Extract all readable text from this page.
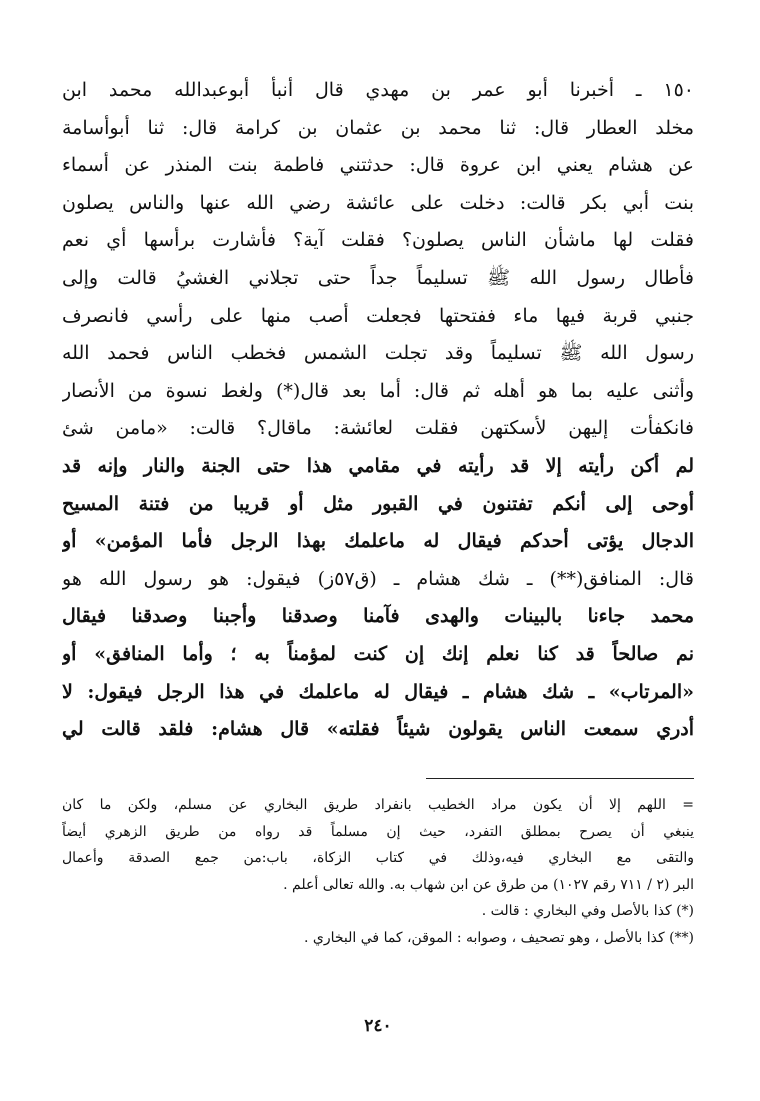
١٥٠ ـ أخبرنا أبو عمر بن مهدي قال أنبأ أبوعبدالله محمد ابن
مخلد العطار قال: ثنا محمد بن عثمان بن كرامة قال: ثنا أبوأسامة
عن هشام يعني ابن عروة قال: حدثتني فاطمة بنت المنذر عن أسماء
بنت أبي بكر قالت: دخلت على عائشة رضي الله عنها والناس يصلون
فقلت لها ماشأن الناس يصلون؟ فقلت آية؟ فأشارت برأسها أي نعم
فأطال رسول الله ﷺ تسليماً جداً حتى تجلاني الغشيُ قالت وإلى
جنبي قربة فيها ماء ففتحتها فجعلت أصب منها على رأسي فانصرف
رسول الله ﷺ تسليماً وقد تجلت الشمس فخطب الناس فحمد الله
وأثنى عليه بما هو أهله ثم قال: أما بعد قال(*) ولغط نسوة من الأنصار
فانكفأت إليهن لأسكتهن فقلت لعائشة: ماقال؟ قالت: «مامن شئ
لم أكن رأيته إلا قد رأيته في مقامي هذا حتى الجنة والنار وإنه قد
أوحى إلى أنكم تفتنون في القبور مثل أو قريبا من فتنة المسيح
الدجال يؤتى أحدكم فيقال له ماعلمك بهذا الرجل فأما المؤمن» أو
قال: المنافق(**) ـ شك هشام ـ (ق٥٧ز) فيقول: هو رسول الله هو
محمد جاءنا بالبينات والهدى فآمنا وصدقنا وأجبنا وصدقنا فيقال
نم صالحاً قد كنا نعلم إنك إن كنت لمؤمناً به ؛ وأما المنافق» أو
«المرتاب» ـ شك هشام ـ فيقال له ماعلمك في هذا الرجل فيقول: لا
أدري سمعت الناس يقولون شيئاً فقلته» قال هشام: فلقد قالت لي
= اللهم إلا أن يكون مراد الخطيب بانفراد طريق البخاري عن مسلم، ولكن ما كان
ينبغي أن يصرح بمطلق التفرد، حيث إن مسلماً قد رواه من طريق الزهري أيضاً
والتقى مع البخاري فيه،وذلك في كتاب الزكاة، باب:من جمع الصدقة وأعمال
البر (٢ / ٧١١ رقم ١٠٢٧) من طرق عن ابن شهاب به. والله تعالى أعلم .
(*) كذا بالأصل وفي البخاري : قالت .
(**) كذا بالأصل ، وهو تصحيف ، وصوابه : الموقن، كما في البخاري .
٢٤٠
